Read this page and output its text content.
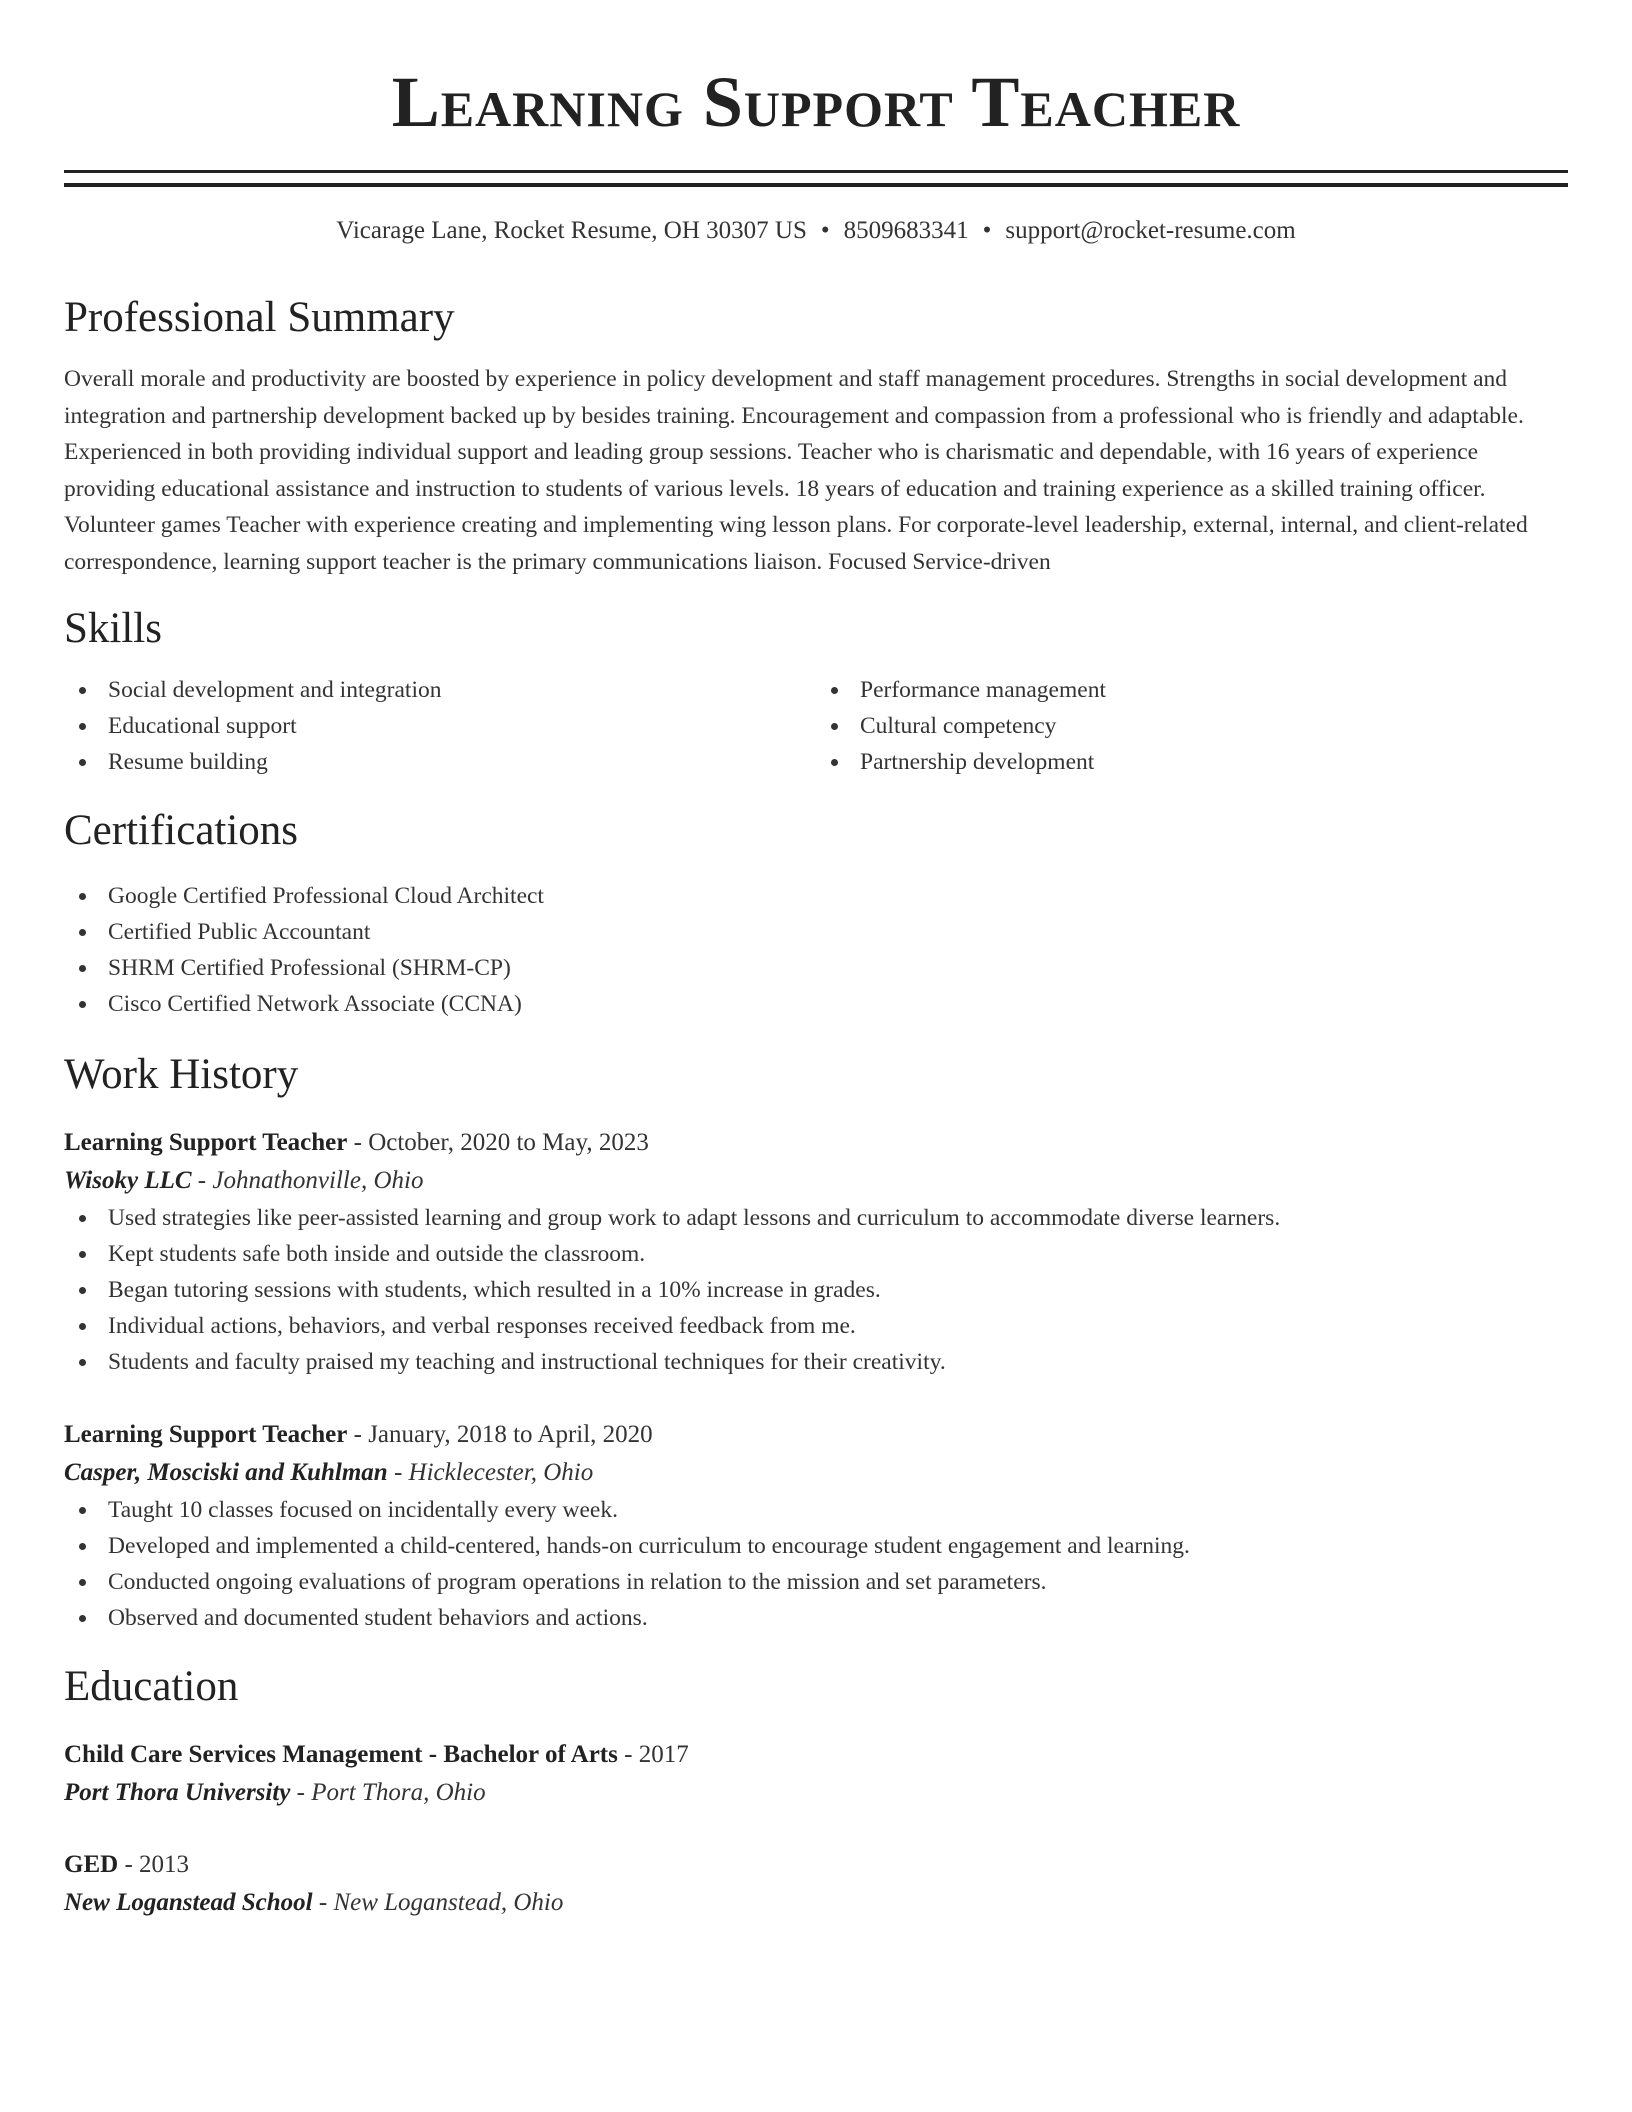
Learning Support Teacher
Vicarage Lane, Rocket Resume, OH 30307 US • 8509683341 • support@rocket-resume.com
Professional Summary
Overall morale and productivity are boosted by experience in policy development and staff management procedures. Strengths in social development and integration and partnership development backed up by besides training. Encouragement and compassion from a professional who is friendly and adaptable. Experienced in both providing individual support and leading group sessions. Teacher who is charismatic and dependable, with 16 years of experience providing educational assistance and instruction to students of various levels. 18 years of education and training experience as a skilled training officer. Volunteer games Teacher with experience creating and implementing wing lesson plans. For corporate-level leadership, external, internal, and client-related correspondence, learning support teacher is the primary communications liaison. Focused Service-driven
Skills
Social development and integration
Educational support
Resume building
Performance management
Cultural competency
Partnership development
Certifications
Google Certified Professional Cloud Architect
Certified Public Accountant
SHRM Certified Professional (SHRM-CP)
Cisco Certified Network Associate (CCNA)
Work History
Learning Support Teacher - October, 2020 to May, 2023
Wisoky LLC - Johnathonville, Ohio
Used strategies like peer-assisted learning and group work to adapt lessons and curriculum to accommodate diverse learners.
Kept students safe both inside and outside the classroom.
Began tutoring sessions with students, which resulted in a 10% increase in grades.
Individual actions, behaviors, and verbal responses received feedback from me.
Students and faculty praised my teaching and instructional techniques for their creativity.
Learning Support Teacher - January, 2018 to April, 2020
Casper, Mosciski and Kuhlman - Hicklecester, Ohio
Taught 10 classes focused on incidentally every week.
Developed and implemented a child-centered, hands-on curriculum to encourage student engagement and learning.
Conducted ongoing evaluations of program operations in relation to the mission and set parameters.
Observed and documented student behaviors and actions.
Education
Child Care Services Management - Bachelor of Arts - 2017
Port Thora University - Port Thora, Ohio
GED - 2013
New Loganstead School - New Loganstead, Ohio
